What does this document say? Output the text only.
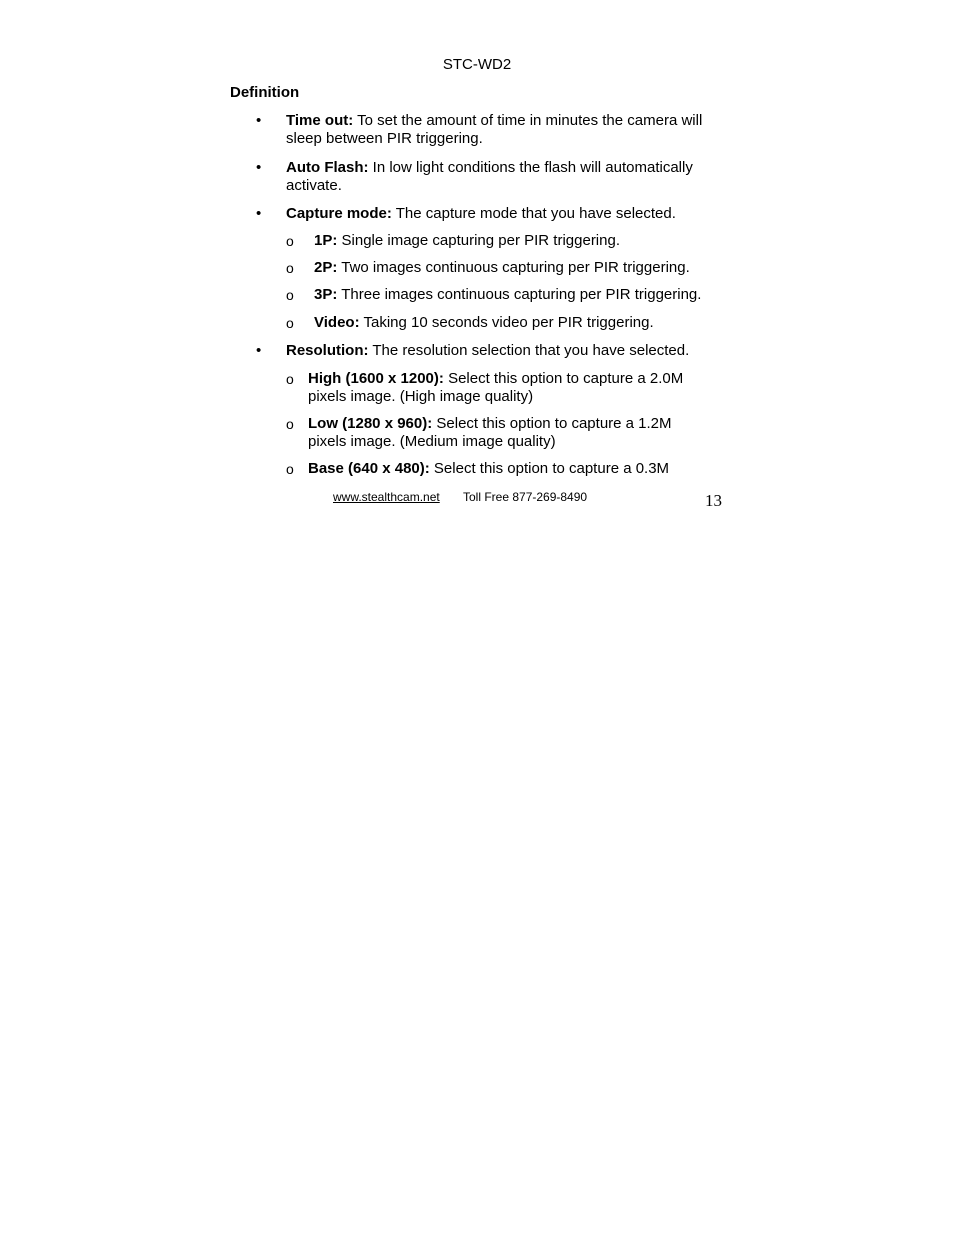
STC-WD2
Definition
• Time out: To set the amount of time in minutes the camera will sleep between PIR triggering.
• Auto Flash: In low light conditions the flash will automatically activate.
• Capture mode: The capture mode that you have selected.
o 1P: Single image capturing per PIR triggering.
o 2P: Two images continuous capturing per PIR triggering.
o 3P: Three images continuous capturing per PIR triggering.
o Video: Taking 10 seconds video per PIR triggering.
• Resolution: The resolution selection that you have selected.
o High (1600 x 1200): Select this option to capture a 2.0M pixels image. (High image quality)
o Low (1280 x 960): Select this option to capture a 1.2M pixels image. (Medium image quality)
o Base (640 x 480): Select this option to capture a 0.3M
www.stealthcam.net Toll Free 877-269-8490	13
